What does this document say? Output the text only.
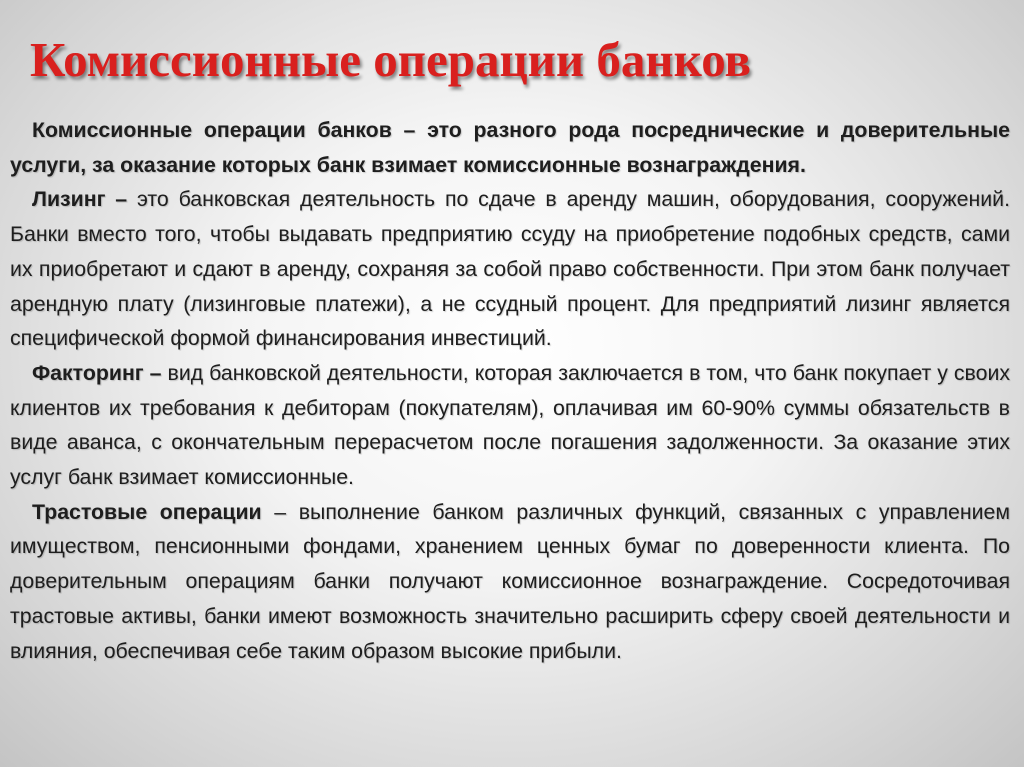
Комиссионные операции банков

Комиссионные операции банков – это разного рода посреднические и доверительные услуги, за оказание которых банк взимает комиссионные вознаграждения.

Лизинг – это банковская деятельность по сдаче в аренду машин, оборудования, сооружений. Банки вместо того, чтобы выдавать предприятию ссуду на приобретение подобных средств, сами их приобретают и сдают в аренду, сохраняя за собой право собственности. При этом банк получает арендную плату (лизинговые платежи), а не ссудный процент. Для предприятий лизинг является специфической формой финансирования инвестиций.

Факторинг – вид банковской деятельности, которая заключается в том, что банк покупает у своих клиентов их требования к дебиторам (покупателям), оплачивая им 60-90% суммы обязательств в виде аванса, с окончательным перерасчетом после погашения задолженности. За оказание этих услуг банк взимает комиссионные.

Трастовые операции – выполнение банком различных функций, связанных с управлением имуществом, пенсионными фондами, хранением ценных бумаг по доверенности клиента. По доверительным операциям банки получают комиссионное вознаграждение. Сосредоточивая трастовые активы, банки имеют возможность значительно расширить сферу своей деятельности и влияния, обеспечивая себе таким образом высокие прибыли.
